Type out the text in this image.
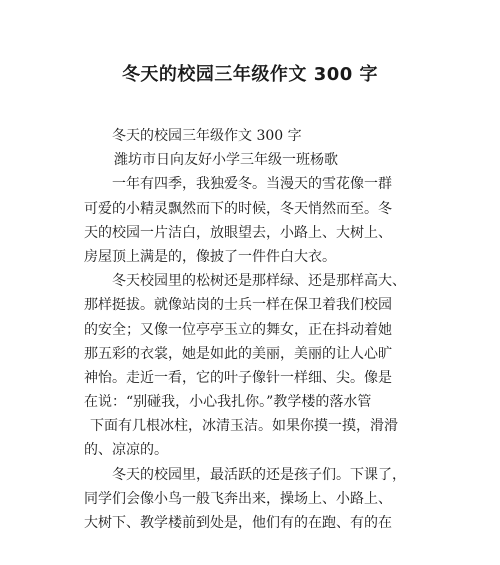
冬天的校园三年级作文 300 字
冬天的校园三年级作文 300 字
潍坊市日向友好小学三年级一班杨歌
一年有四季，我独爱冬。当漫天的雪花像一群
可爱的小精灵飘然而下的时候，冬天悄然而至。冬
天的校园一片洁白，放眼望去，小路上、大树上、
房屋顶上满是的，像披了一件件白大衣。
冬天校园里的松树还是那样绿、还是那样高大、
那样挺拔。就像站岗的士兵一样在保卫着我们校园
的安全；又像一位亭亭玉立的舞女，正在抖动着她
那五彩的衣裳，她是如此的美丽，美丽的让人心旷
神怡。走近一看，它的叶子像针一样细、尖。像是
在说：“别碰我，小心我扎你。”教学楼的落水管
下面有几根冰柱，冰清玉洁。如果你摸一摸，滑滑
的、凉凉的。
冬天的校园里，最活跃的还是孩子们。下课了，
同学们会像小鸟一般飞奔出来，操场上、小路上、
大树下、教学楼前到处是，他们有的在跑、有的在
